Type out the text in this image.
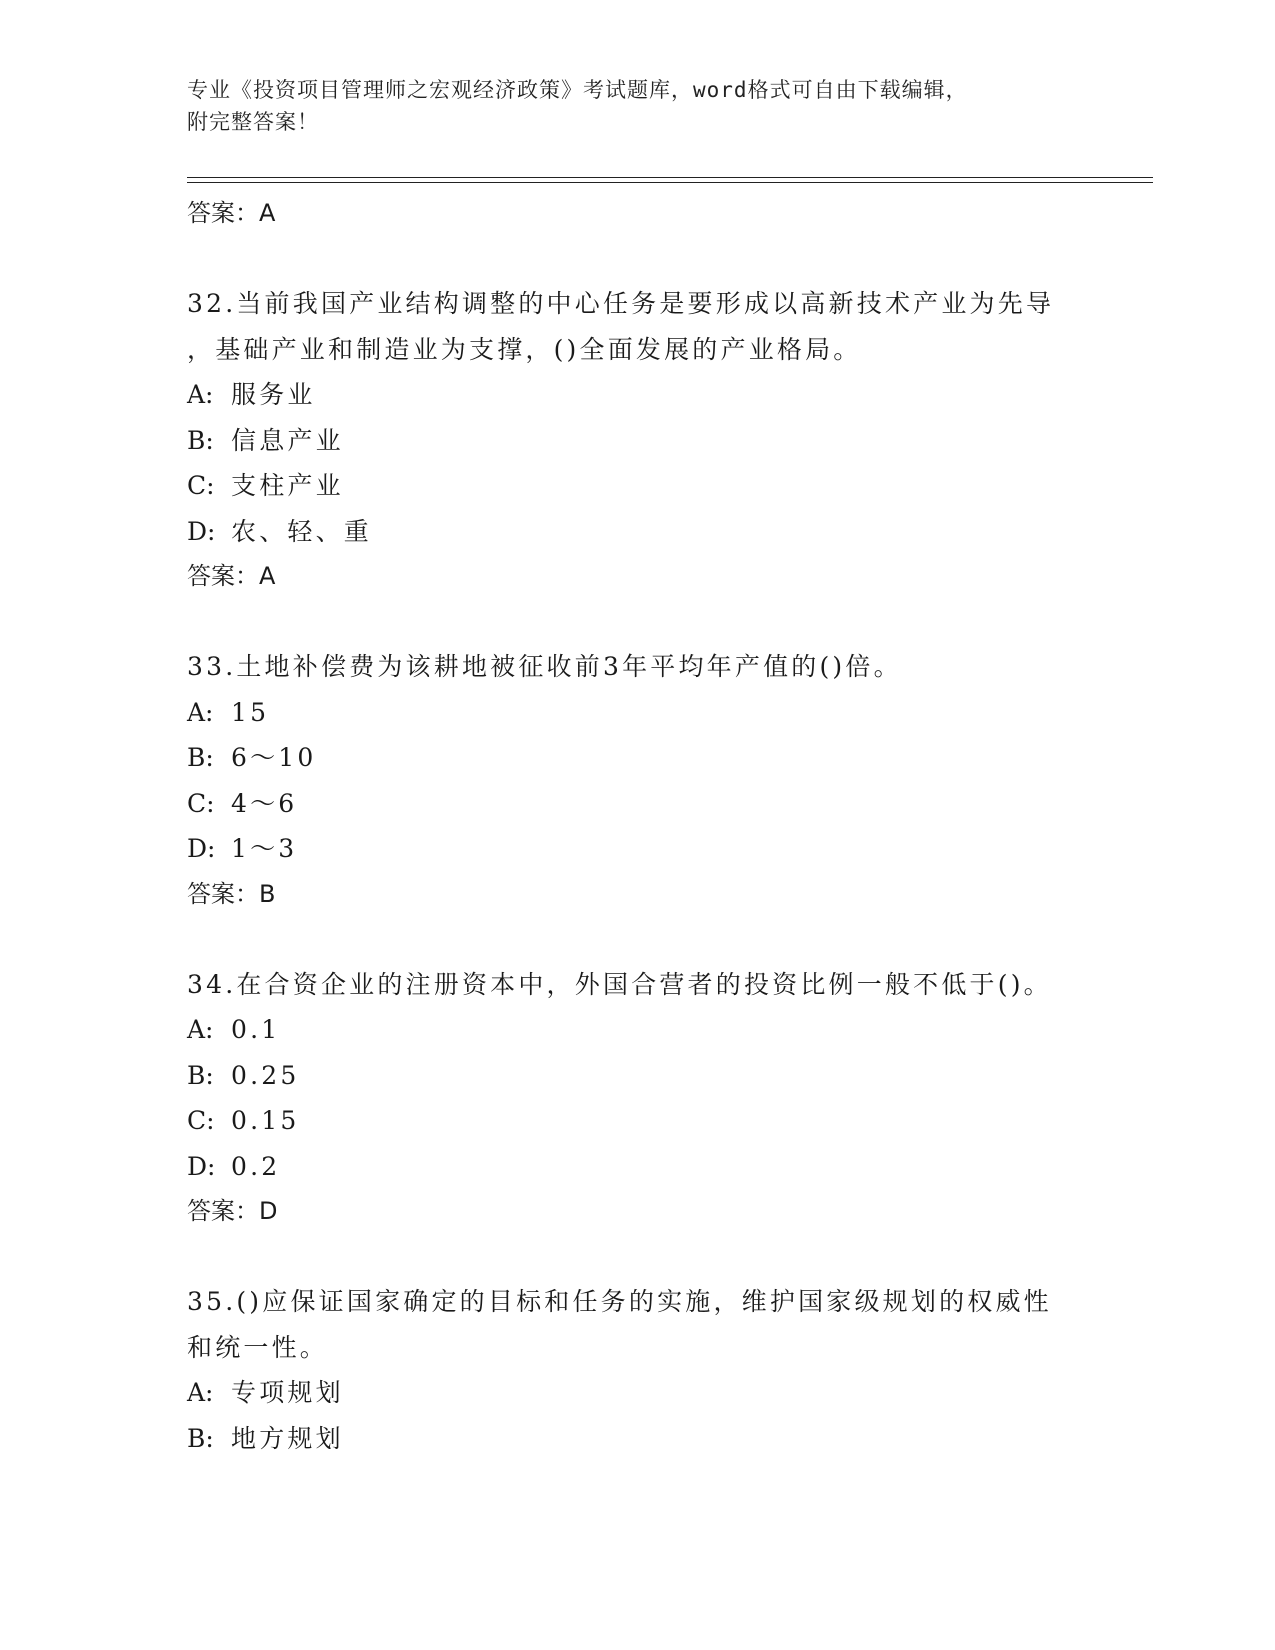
专业《投资项目管理师之宏观经济政策》考试题库，word格式可自由下载编辑，
附完整答案！
答案：A
32.当前我国产业结构调整的中心任务是要形成以高新技术产业为先导
，基础产业和制造业为支撑，()全面发展的产业格局。
A: 服务业
B: 信息产业
C: 支柱产业
D: 农、轻、重
答案：A
33.土地补偿费为该耕地被征收前3年平均年产值的()倍。
A: 15
B: 6～10
C: 4～6
D: 1～3
答案：B
34.在合资企业的注册资本中，外国合营者的投资比例一般不低于()。
A: 0.1
B: 0.25
C: 0.15
D: 0.2
答案：D
35.()应保证国家确定的目标和任务的实施，维护国家级规划的权威性
和统一性。
A: 专项规划
B: 地方规划
